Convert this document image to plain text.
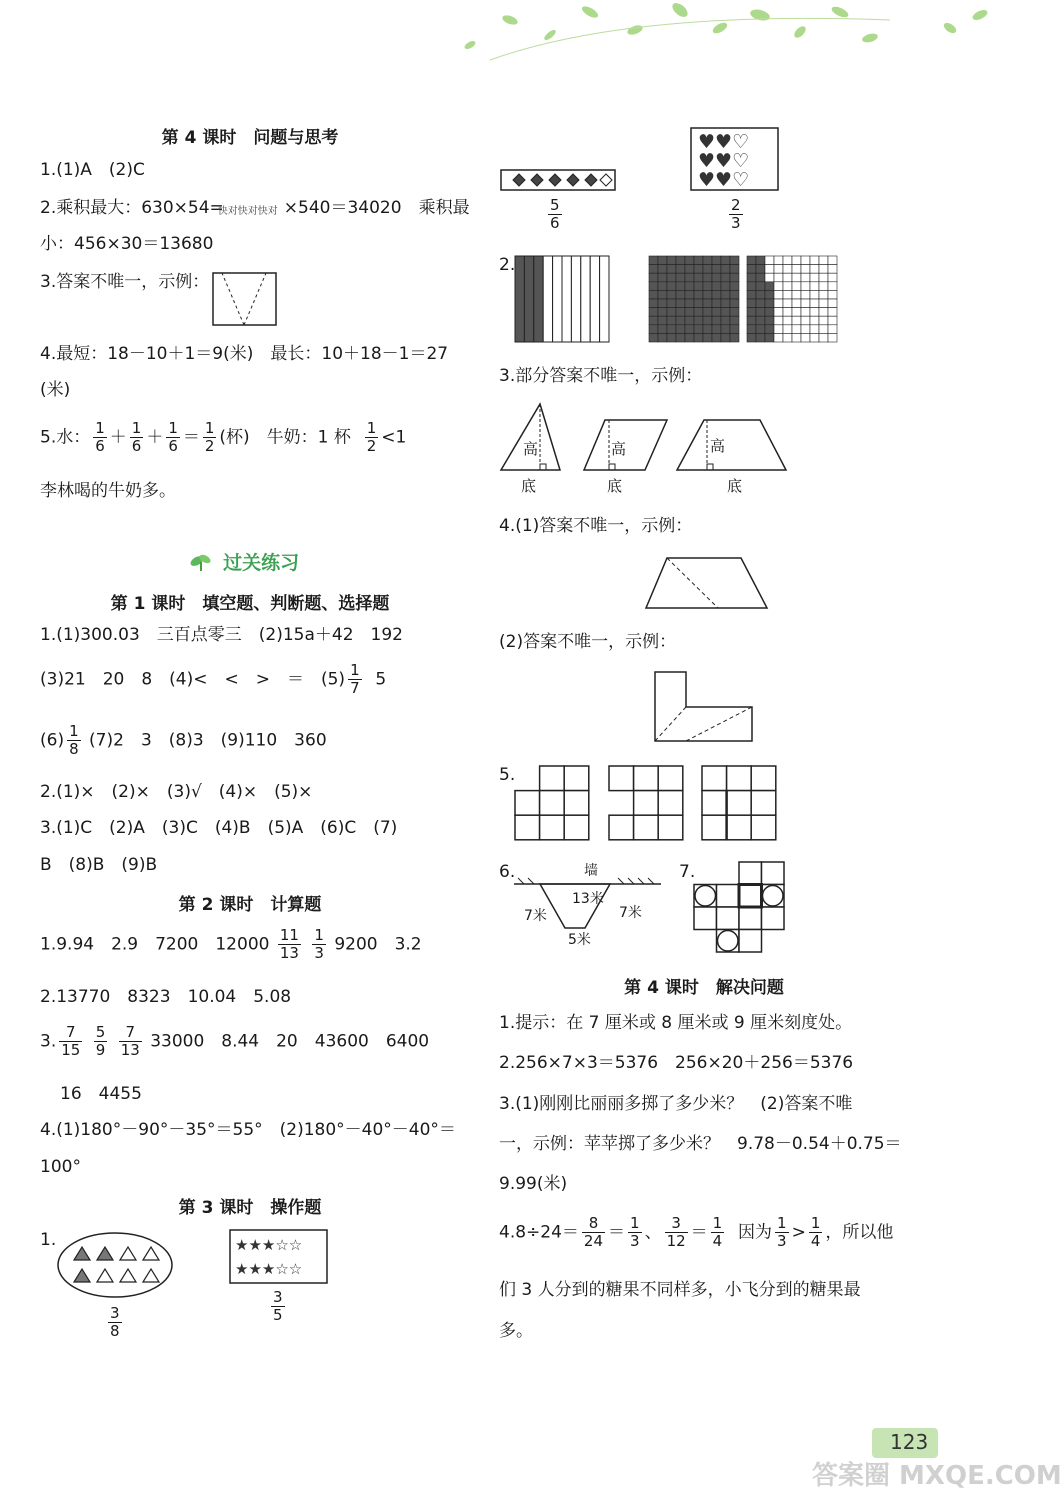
第 4 课时　问题与思考
1.(1)A　(2)C
2.乘积最大：630×54=
快对快对快对 ×540＝34020　乘积最
小：456×30＝13680
3.答案不唯一，示例：
4.最短：18－10＋1＝9(米)　最长：10＋18－1＝27
(米)
5.水： $\frac{1}{6} + \frac{1}{6} + \frac{1}{6} = \frac{1}{2}$ (杯)　牛奶：1 杯 $\frac{1}{2} <1$
李林喝的牛奶多。
过关练习
第 1 课时　填空题、判断题、选择题
1.(1)300.03　三百点零三　(2)15a＋42　192
(3)21　20　8　(4)<　<　>　＝　$(5) \frac{1}{7} 5$
$(6) \frac{1}{8} (7)2$　3　(8)3　(9)110　360
2.(1)×　(2)×　(3)√　(4)×　(5)×
3.(1)C　(2)A　(3)C　(4)B　(5)A　(6)C　(7)
B　(8)B　(9)B
第 2 课时　计算题
1.9.94　2.9　7200　$12000 \frac{11}{13}$
$\frac{1}{3} 9200$　3.2
2.13770　8323　10.04　5.08
3. $\frac{7}{15}$
$\frac{5}{9}$
$\frac{7}{13} 33000$　8.44　20　43600　6400
16　4455
4.(1)180°－90°－35°＝55°　(2)180°－40°－40°＝
100°
第 3 课时　操作题
1.
$\frac{3}{8}$
★★★☆☆
★★★☆☆
$\frac{3}{5}$
$\frac{5}{6}$
♥♥♡
♥♥♡
♥♥♡
$\frac{2}{3}$
2.
3.部分答案不唯一，示例：
高
底
高
底
高
底
4.(1)答案不唯一，示例：
(2)答案不唯一，示例：
5.
6.	墙
13米
7米	7米
5米
7.
第 4 课时　解决问题
1.提示：在 7 厘米或 8 厘米或 9 厘米刻度处。
2.256×7×3＝5376　256×20＋256＝5376
3.(1)刚刚比丽丽多掷了多少米？　(2)答案不唯
一，示例：苹苹掷了多少米？　9.78－0.54＋0.75＝
9.99(米)
$4.8\div 24= \frac{8}{24} = \frac{1}{3}$ 、 $\frac{3}{12} = \frac{1}{4}$ 因为 $\frac{1}{3} > \frac{1}{4}$ ，所以他
们 3 人分到的糖果不同样多，小飞分到的糖果最
多。
123
答案圈 MXQE.COM
